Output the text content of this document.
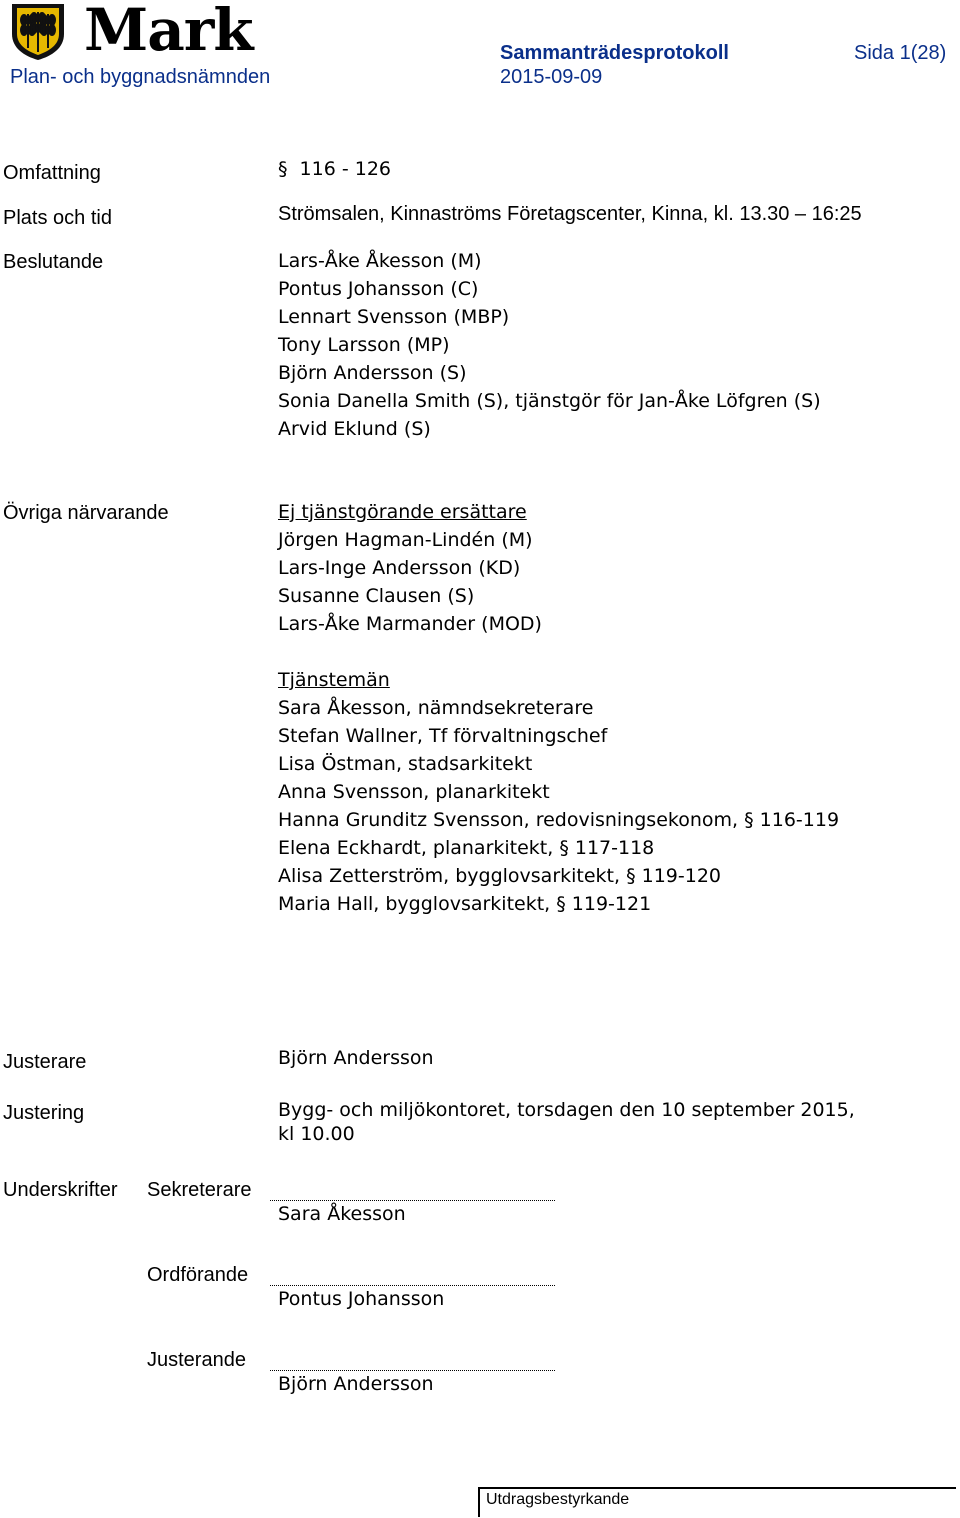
Mark
Plan- och byggnadsnämnden
Sammanträdesprotokoll	Sida 1(28)
2015-09-09
Omfattning	§ 116 - 126
Plats och tid	Strömsalen, Kinnaströms Företagscenter, Kinna, kl. 13.30 – 16:25
Beslutande	Lars-Åke Åkesson (M)
Pontus Johansson (C)
Lennart Svensson (MBP)
Tony Larsson (MP)
Björn Andersson (S)
Sonia Danella Smith (S), tjänstgör för Jan-Åke Löfgren (S)
Arvid Eklund (S)
Övriga närvarande	Ej tjänstgörande ersättare
Jörgen Hagman-Lindén (M)
Lars-Inge Andersson (KD)
Susanne Clausen (S)
Lars-Åke Marmander (MOD)
Tjänstemän
Sara Åkesson, nämndsekreterare
Stefan Wallner, Tf förvaltningschef
Lisa Östman, stadsarkitekt
Anna Svensson, planarkitekt
Hanna Grunditz Svensson, redovisningsekonom, § 116-119
Elena Eckhardt, planarkitekt, § 117-118
Alisa Zetterström, bygglovsarkitekt, § 119-120
Maria Hall, bygglovsarkitekt, § 119-121
Justerare	Björn Andersson
Justering	Bygg- och miljökontoret, torsdagen den 10 september 2015,
kl 10.00
Underskrifter Sekreterare
Sara Åkesson
Ordförande
Pontus Johansson
Justerande
Björn Andersson
Utdragsbestyrkande
